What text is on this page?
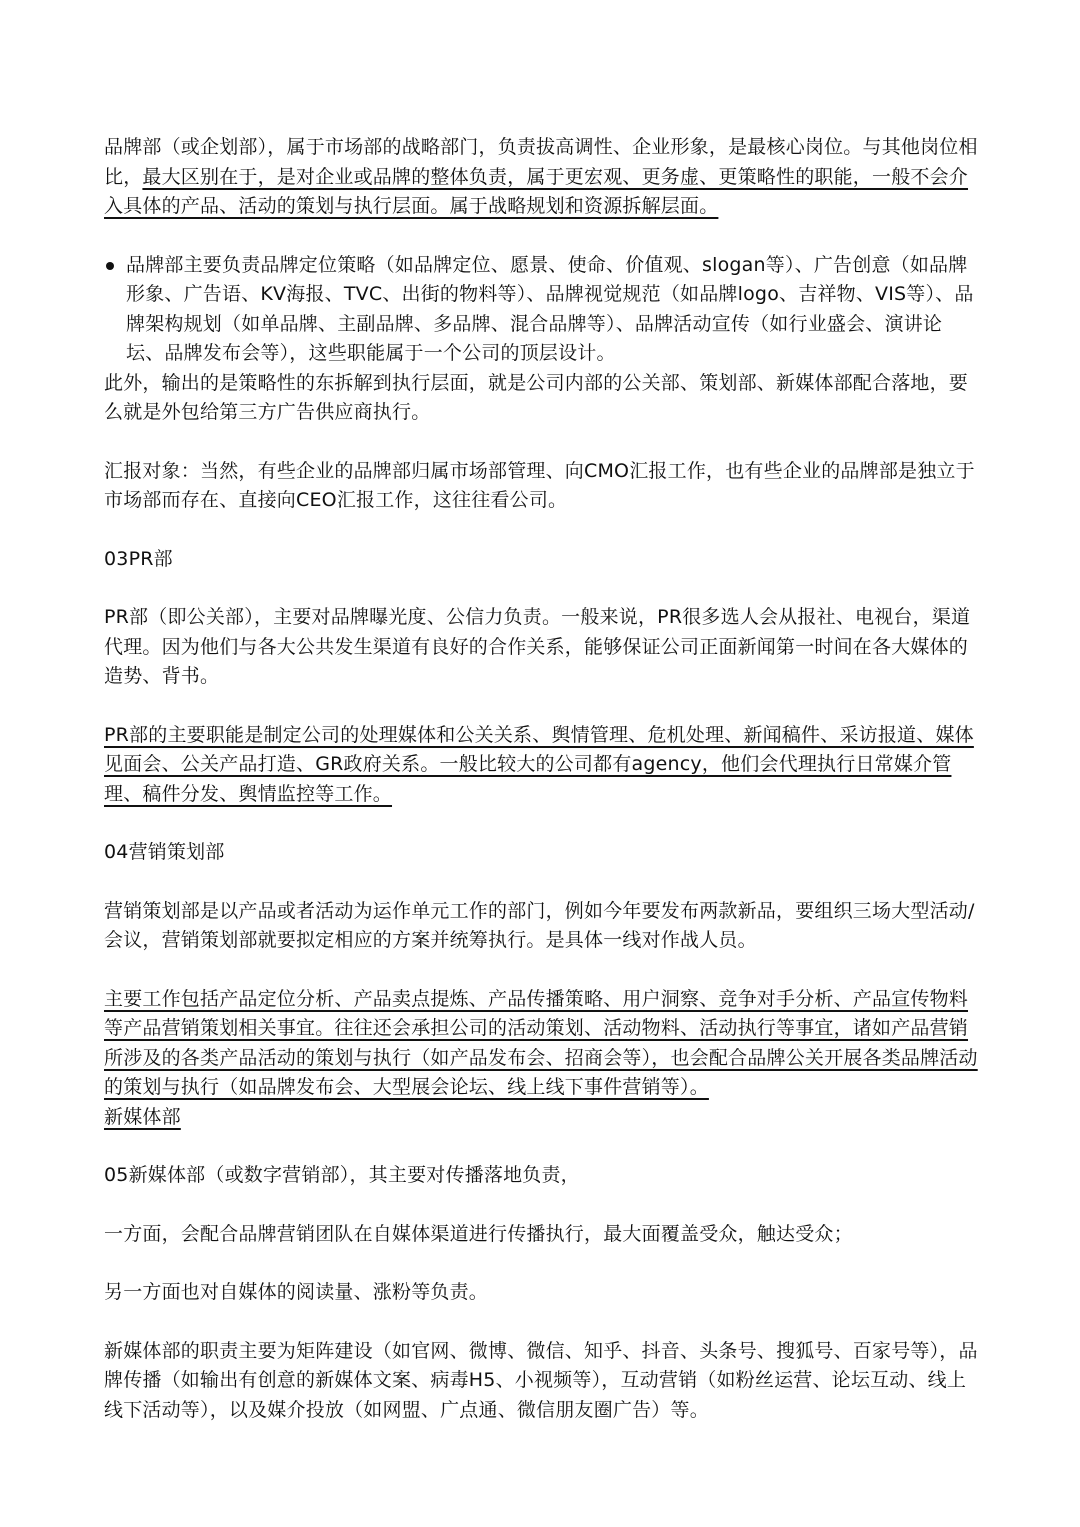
品牌部（或企划部），属于市场部的战略部门，负责拔高调性、企业形象，是最核心岗位。与其他岗位相比，最大区别在于，是对企业或品牌的整体负责，属于更宏观、更务虚、更策略性的职能，一般不会介入具体的产品、活动的策划与执行层面。属于战略规划和资源拆解层面。

品牌部主要负责品牌定位策略（如品牌定位、愿景、使命、价值观、slogan等）、广告创意（如品牌形象、广告语、KV海报、TVC、出街的物料等）、品牌视觉规范（如品牌logo、吉祥物、VIS等）、品牌架构规划（如单品牌、主副品牌、多品牌、混合品牌等）、品牌活动宣传（如行业盛会、演讲论坛、品牌发布会等），这些职能属于一个公司的顶层设计。

此外，输出的是策略性的东拆解到执行层面，就是公司内部的公关部、策划部、新媒体部配合落地，要么就是外包给第三方广告供应商执行。

汇报对象：当然，有些企业的品牌部归属市场部管理、向CMO汇报工作，也有些企业的品牌部是独立于市场部而存在、直接向CEO汇报工作，这往往看公司。

03PR部

PR部（即公关部），主要对品牌曝光度、公信力负责。一般来说，PR很多选人会从报社、电视台，渠道代理。因为他们与各大公共发生渠道有良好的合作关系，能够保证公司正面新闻第一时间在各大媒体的造势、背书。

PR部的主要职能是制定公司的处理媒体和公关关系、舆情管理、危机处理、新闻稿件、采访报道、媒体见面会、公关产品打造、GR政府关系。一般比较大的公司都有agency，他们会代理执行日常媒介管理、稿件分发、舆情监控等工作。

04营销策划部

营销策划部是以产品或者活动为运作单元工作的部门，例如今年要发布两款新品，要组织三场大型活动/会议，营销策划部就要拟定相应的方案并统筹执行。是具体一线对作战人员。

主要工作包括产品定位分析、产品卖点提炼、产品传播策略、用户洞察、竞争对手分析、产品宣传物料等产品营销策划相关事宜。往往还会承担公司的活动策划、活动物料、活动执行等事宜，诸如产品营销所涉及的各类产品活动的策划与执行（如产品发布会、招商会等），也会配合品牌公关开展各类品牌活动的策划与执行（如品牌发布会、大型展会论坛、线上线下事件营销等）。

新媒体部

05新媒体部（或数字营销部），其主要对传播落地负责，

一方面，会配合品牌营销团队在自媒体渠道进行传播执行，最大面覆盖受众，触达受众；

另一方面也对自媒体的阅读量、涨粉等负责。

新媒体部的职责主要为矩阵建设（如官网、微博、微信、知乎、抖音、头条号、搜狐号、百家号等），品牌传播（如输出有创意的新媒体文案、病毒H5、小视频等），互动营销（如粉丝运营、论坛互动、线上线下活动等），以及媒介投放（如网盟、广点通、微信朋友圈广告）等。
